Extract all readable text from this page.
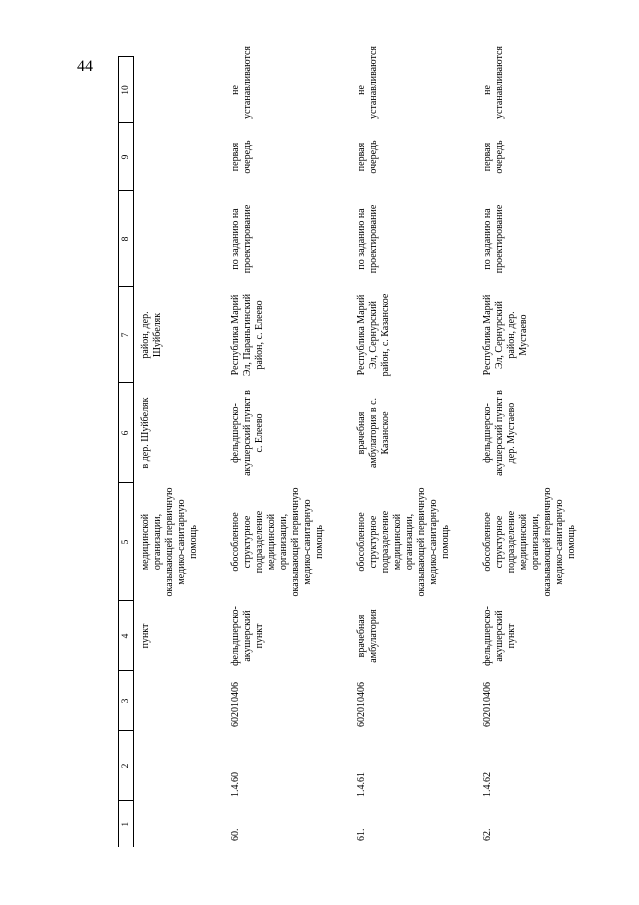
1	2	3	4	5	6	7	8	9	10
			пункт	медицинской организации, оказывающей первичную медико-санитарную помощь	в дер. Шуйбеляк	район, дер. Шуйбеляк			
60.	1.4.60	602010406	фельдшерско-акушерский пункт	обособленное структурное подразделение медицинской организации, оказывающей первичную медико-санитарную помощь	фельдшерско-акушерский пункт в с. Елеево	Республика Марий Эл, Параньгинский район, с. Елеево	по заданию на проектирование	первая очередь	не устанавливаются
61.	1.4.61	602010406	врачебная амбулатория	обособленное структурное подразделение медицинской организации, оказывающей первичную медико-санитарную помощь	врачебная амбулатория в с. Казанское	Республика Марий Эл, Сернурский район, с. Казанское	по заданию на проектирование	первая очередь	не устанавливаются
62.	1.4.62	602010406	фельдшерско-акушерский пункт	обособленное структурное подразделение медицинской организации, оказывающей первичную медико-санитарную помощь	фельдшерско-акушерский пункт в дер. Мустаево	Республика Марий Эл, Сернурский район, дер. Мустаево	по заданию на проектирование	первая очередь	не устанавливаются
44
